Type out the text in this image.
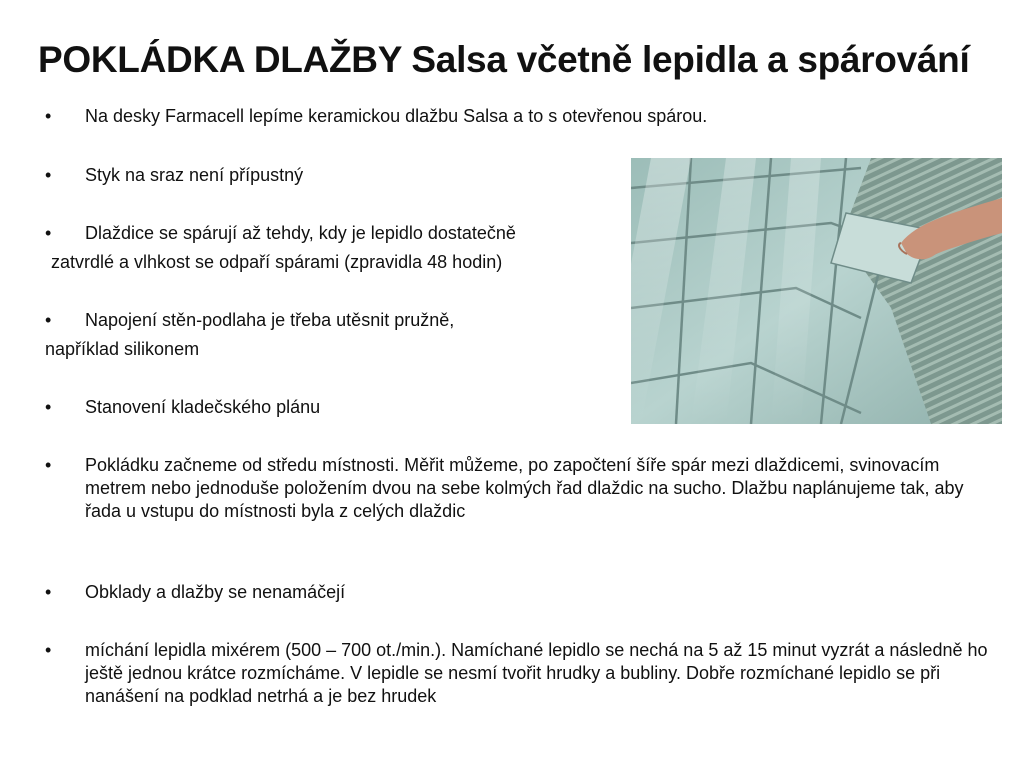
POKLÁDKA DLAŽBY Salsa včetně lepidla a spárování
• Na desky Farmacell lepíme keramickou dlažbu Salsa a to s otevřenou spárou.
• Styk na sraz není přípustný
• Dlaždice se spárují až tehdy, kdy je lepidlo dostatečně
zatvrdlé a vlhkost se odpaří spárami (zpravidla 48 hodin)
• Napojení stěn-podlaha je třeba utěsnit pružně,
například silikonem
• Stanovení kladečského plánu
• Pokládku začneme od středu místnosti. Měřit můžeme, po započtení šíře spár mezi dlaždicemi, svinovacím metrem nebo jednoduše položením dvou na sebe kolmých řad dlaždic na sucho. Dlažbu naplánujeme tak, aby řada u vstupu do místnosti byla z celých dlaždic
• Obklady a dlažby se nenamáčejí
• míchání lepidla mixérem (500 – 700 ot./min.). Namíchané lepidlo se nechá na 5 až 15 minut vyzrát a následně ho ještě jednou krátce rozmícháme. V lepidle se nesmí tvořit hrudky a bubliny. Dobře rozmíchané lepidlo se při nanášení na podklad netrhá a je bez hrudek
